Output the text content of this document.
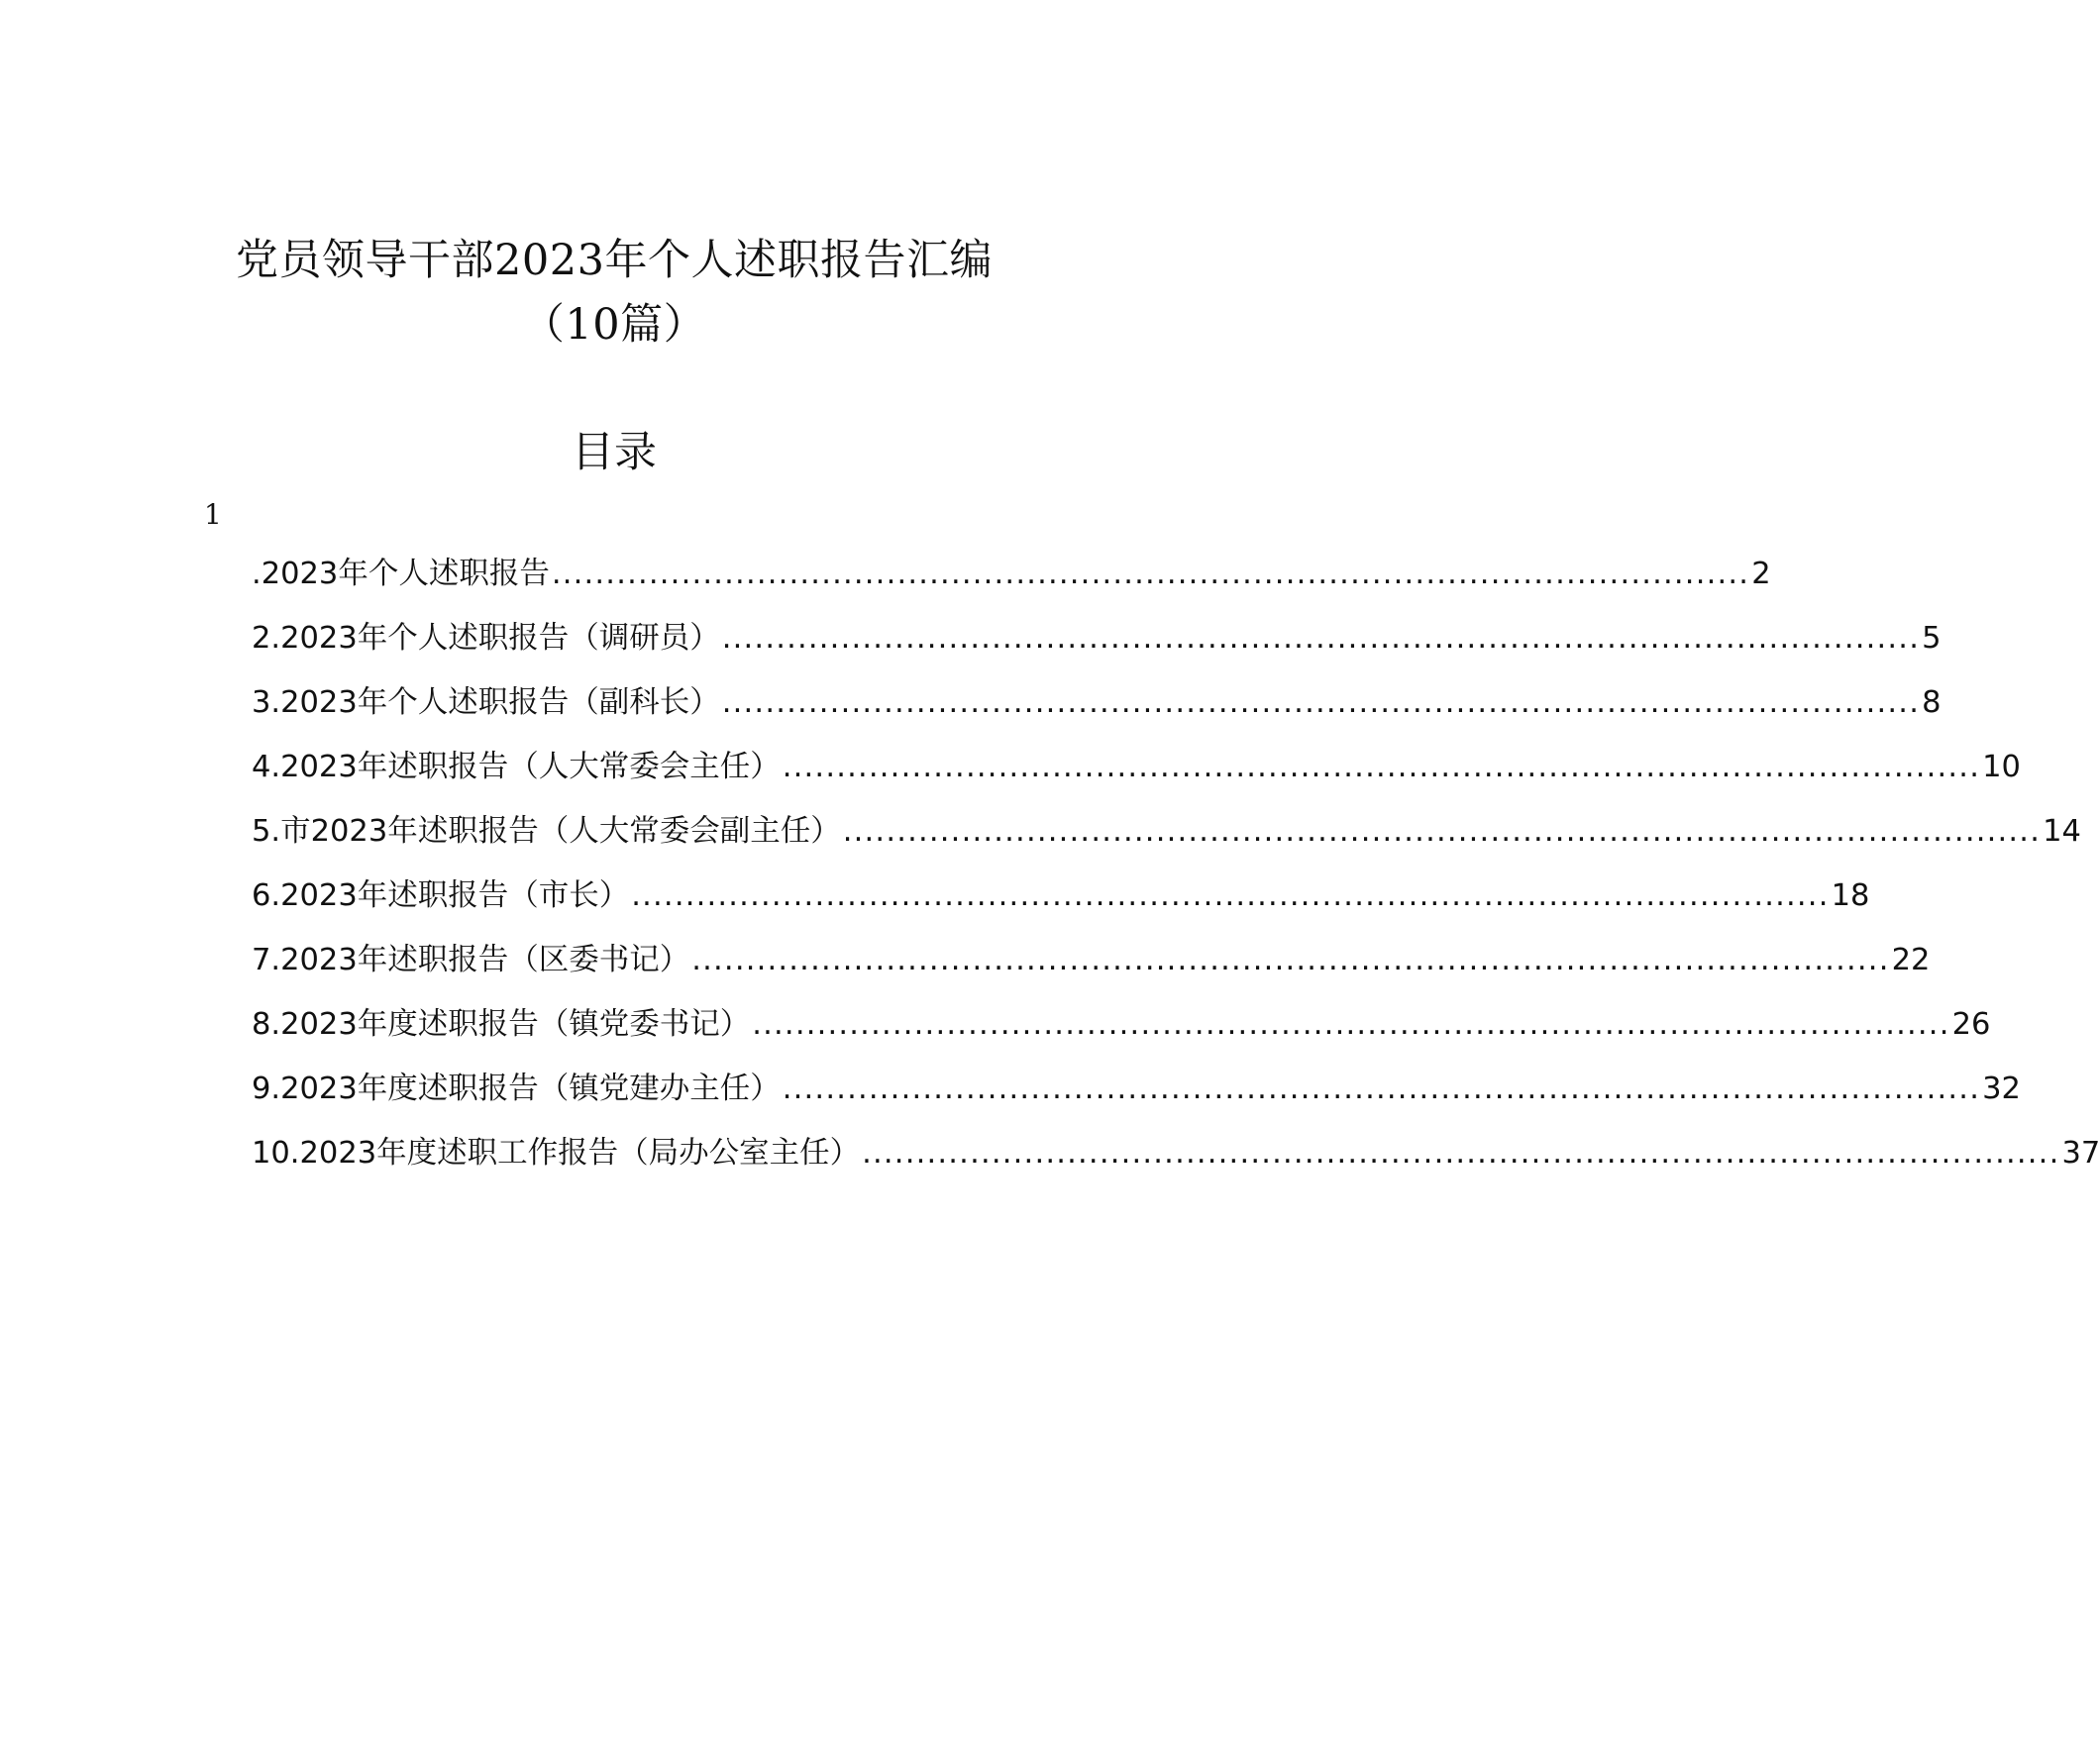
党员领导干部2023年个人述职报告汇编
（10篇）
目录
1
.2023年个人述职报告 ............................................................................................................... 2
2.2023年个人述职报告（调研员） ............................................................................................................... 5
3.2023年个人述职报告（副科长） ............................................................................................................... 8
4.2023年述职报告（人大常委会主任） ............................................................................................................... 10
5.市2023年述职报告（人大常委会副主任） ............................................................................................................... 14
6.2023年述职报告（市长） ............................................................................................................... 18
7.2023年述职报告（区委书记） ............................................................................................................... 22
8.2023年度述职报告（镇党委书记） ............................................................................................................... 26
9.2023年度述职报告（镇党建办主任） ............................................................................................................... 32
10.2023年度述职工作报告（局办公室主任） ............................................................................................................... 37
